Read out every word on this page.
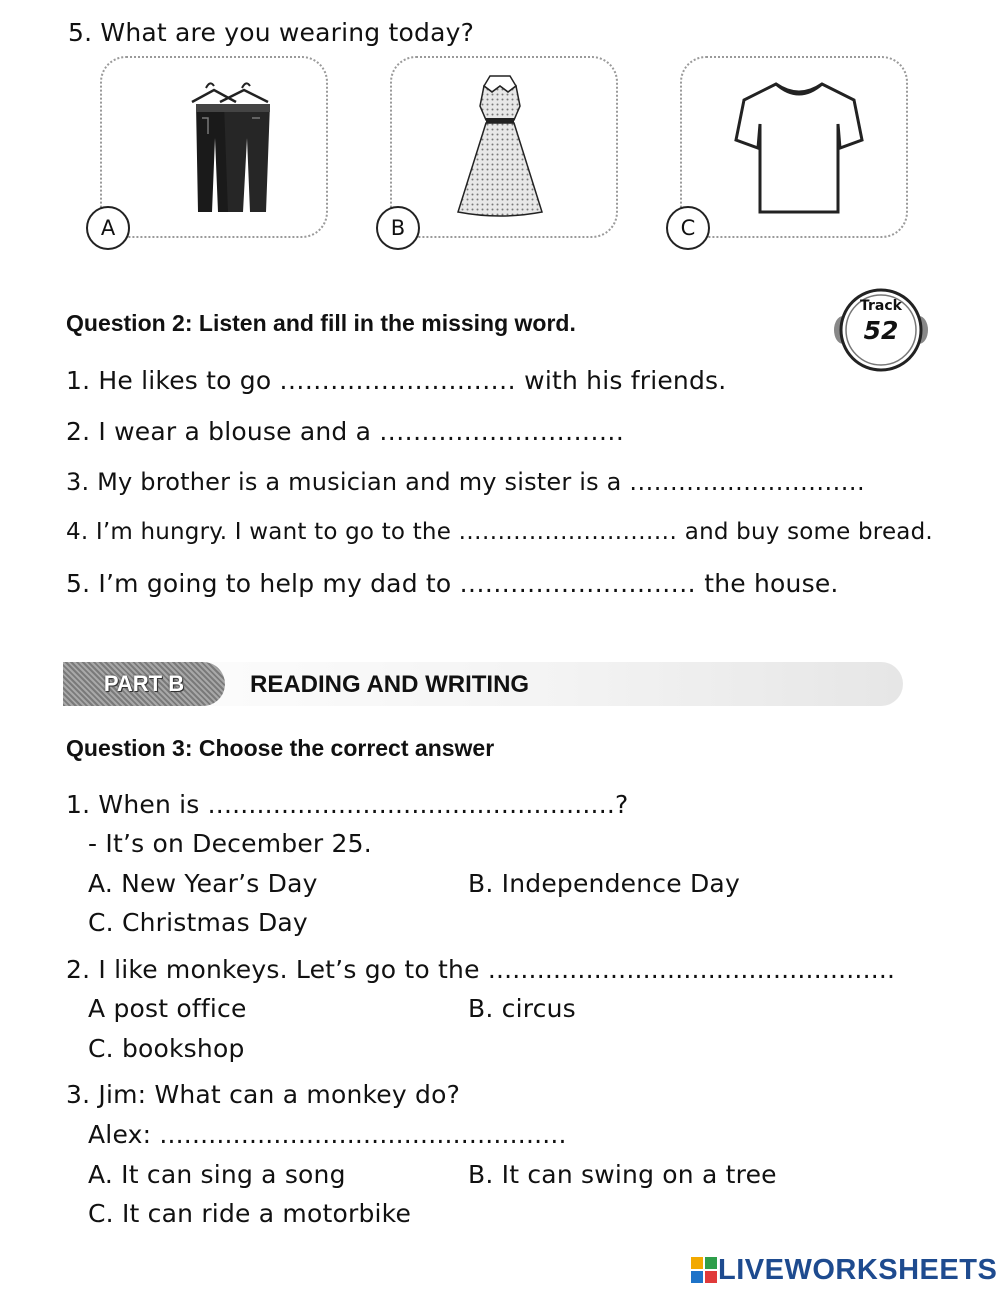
5. What are you wearing today?
A	B	C
Question 2: Listen and fill in the missing word.
Track
52
1. He likes to go ............................ with his friends.
2. I wear a blouse and a .............................
3. My brother is a musician and my sister is a .............................
4. I’m hungry. I want to go to the ............................ and buy some bread.
5. I’m going to help my dad to ............................ the house.
PART B	READING AND WRITING
Question 3: Choose the correct answer
1. When is ..................................................?
- It’s on December 25.
A. New Year’s Day	B. Independence Day
C. Christmas Day
2. I like monkeys. Let’s go to the ..................................................
A post office	B. circus
C. bookshop
3. Jim: What can a monkey do?
Alex: ..................................................
A. It can sing a song	B. It can swing on a tree
C. It can ride a motorbike
LIVEWORKSHEETS
